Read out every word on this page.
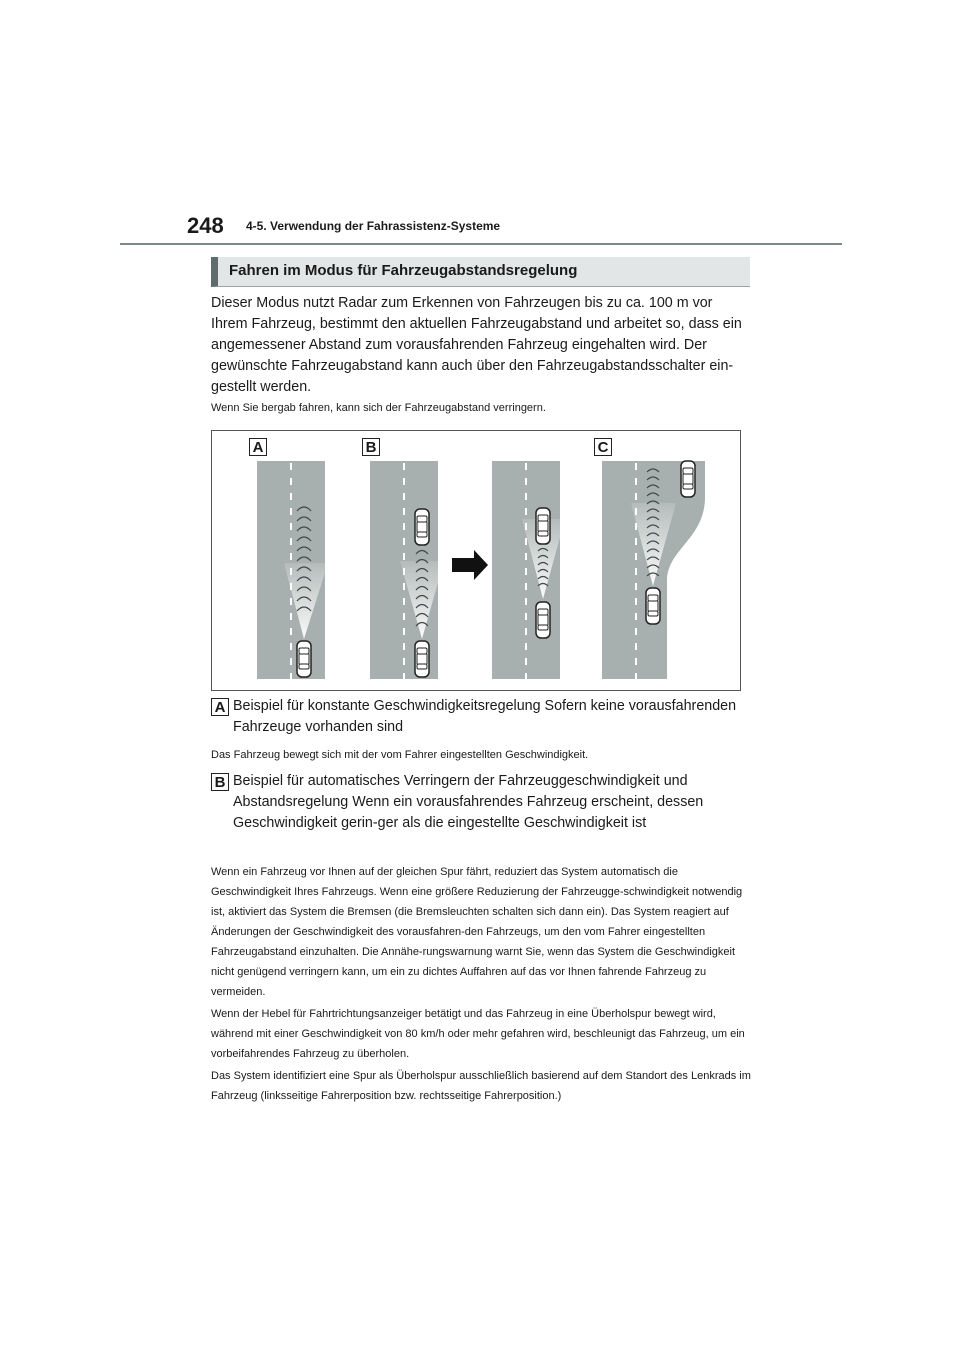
248 4-5. Verwendung der Fahrassistenz-Systeme
Fahren im Modus für Fahrzeugabstandsregelung

Dieser Modus nutzt Radar zum Erkennen von Fahrzeugen bis zu ca. 100 m vor Ihrem Fahrzeug, bestimmt den aktuellen Fahrzeugabstand und arbeitet so, dass ein angemessener Abstand zum vorausfahrenden Fahrzeug eingehalten wird. Der gewünschte Fahrzeugabstand kann auch über den Fahrzeugabstandsschalter ein-gestellt werden.

Wenn Sie bergab fahren, kann sich der Fahrzeugabstand verringern.

A	B	C
A Beispiel für konstante Geschwindigkeitsregelung Sofern keine vorausfahrenden Fahrzeuge vorhanden sind

Das Fahrzeug bewegt sich mit der vom Fahrer eingestellten Geschwindigkeit.

B Beispiel für automatisches Verringern der Fahrzeuggeschwindigkeit und Abstandsregelung Wenn ein vorausfahrendes Fahrzeug erscheint, dessen Geschwindigkeit gerin-ger als die eingestellte Geschwindigkeit ist

Wenn ein Fahrzeug vor Ihnen auf der gleichen Spur fährt, reduziert das System automatisch die Geschwindigkeit Ihres Fahrzeugs. Wenn eine größere Reduzierung der Fahrzeugge-schwindigkeit notwendig ist, aktiviert das System die Bremsen (die Bremsleuchten schalten sich dann ein). Das System reagiert auf Änderungen der Geschwindigkeit des vorausfahren-den Fahrzeugs, um den vom Fahrer eingestellten Fahrzeugabstand einzuhalten. Die Annähe-rungswarnung warnt Sie, wenn das System die Geschwindigkeit nicht genügend verringern kann, um ein zu dichtes Auffahren auf das vor Ihnen fahrende Fahrzeug zu vermeiden.

Wenn der Hebel für Fahrtrichtungsanzeiger betätigt und das Fahrzeug in eine Überholspur bewegt wird, während mit einer Geschwindigkeit von 80 km/h oder mehr gefahren wird, beschleunigt das Fahrzeug, um ein vorbeifahrendes Fahrzeug zu überholen.

Das System identifiziert eine Spur als Überholspur ausschließlich basierend auf dem Standort des Lenkrads im Fahrzeug (linksseitige Fahrerposition bzw. rechtsseitige Fahrerposition.)
